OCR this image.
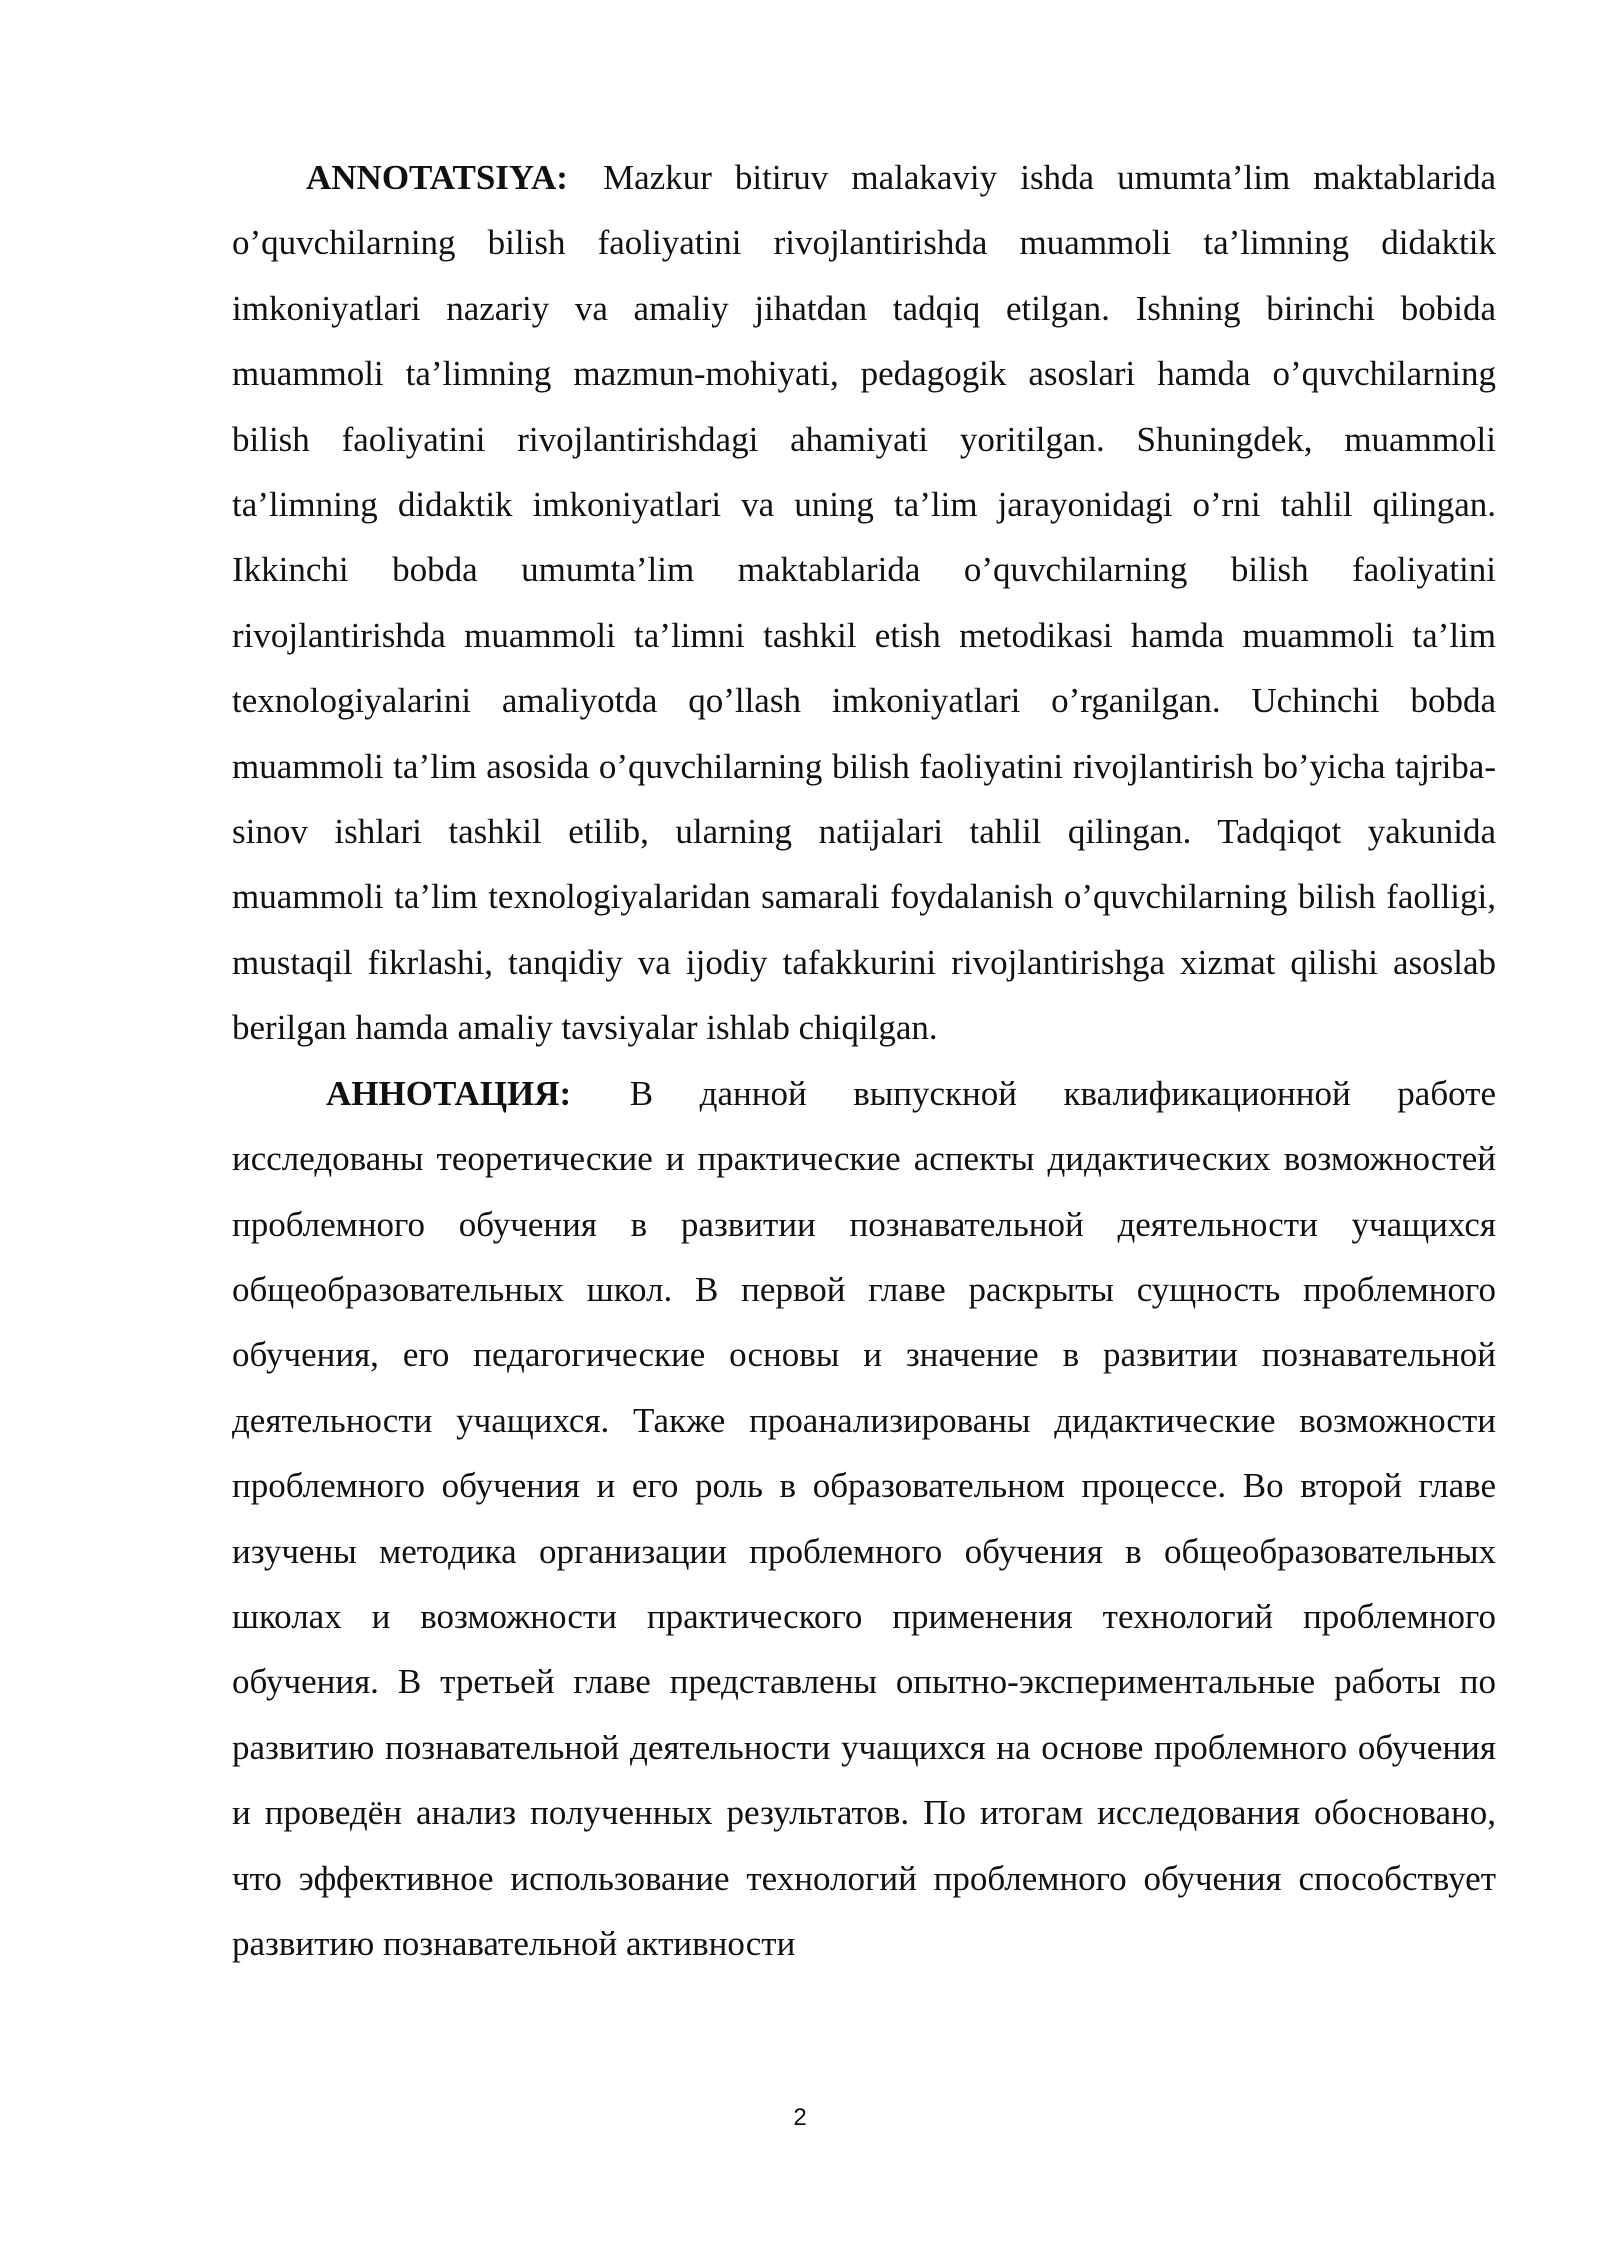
ANNOTATSIYA: Mazkur bitiruv malakaviy ishda umumta’lim maktablarida o’quvchilarning bilish faoliyatini rivojlantirishda muammoli ta’limning didaktik imkoniyatlari nazariy va amaliy jihatdan tadqiq etilgan. Ishning birinchi bobida muammoli ta’limning mazmun-mohiyati, pedagogik asoslari hamda o’quvchilarning bilish faoliyatini rivojlantirishdagi ahamiyati yoritilgan. Shuningdek, muammoli ta’limning didaktik imkoniyatlari va uning ta’lim jarayonidagi o’rni tahlil qilingan. Ikkinchi bobda umumta’lim maktablarida o’quvchilarning bilish faoliyatini rivojlantirishda muammoli ta’limni tashkil etish metodikasi hamda muammoli ta’lim texnologiyalarini amaliyotda qo’llash imkoniyatlari o’rganilgan. Uchinchi bobda muammoli ta’lim asosida o’quvchilarning bilish faoliyatini rivojlantirish bo’yicha tajriba-sinov ishlari tashkil etilib, ularning natijalari tahlil qilingan. Tadqiqot yakunida muammoli ta’lim texnologiyalaridan samarali foydalanish o’quvchilarning bilish faolligi, mustaqil fikrlashi, tanqidiy va ijodiy tafakkurini rivojlantirishga xizmat qilishi asoslab berilgan hamda amaliy tavsiyalar ishlab chiqilgan.

АННОТАЦИЯ: В данной выпускной квалификационной работе исследованы теоретические и практические аспекты дидактических возможностей проблемного обучения в развитии познавательной деятельности учащихся общеобразовательных школ. В первой главе раскрыты сущность проблемного обучения, его педагогические основы и значение в развитии познавательной деятельности учащихся. Также проанализированы дидактические возможности проблемного обучения и его роль в образовательном процессе. Во второй главе изучены методика организации проблемного обучения в общеобразовательных школах и возможности практического применения технологий проблемного обучения. В третьей главе представлены опытно-экспериментальные работы по развитию познавательной деятельности учащихся на основе проблемного обучения и проведён анализ полученных результатов. По итогам исследования обосновано, что эффективное использование технологий проблемного обучения способствует развитию познавательной активности

2
